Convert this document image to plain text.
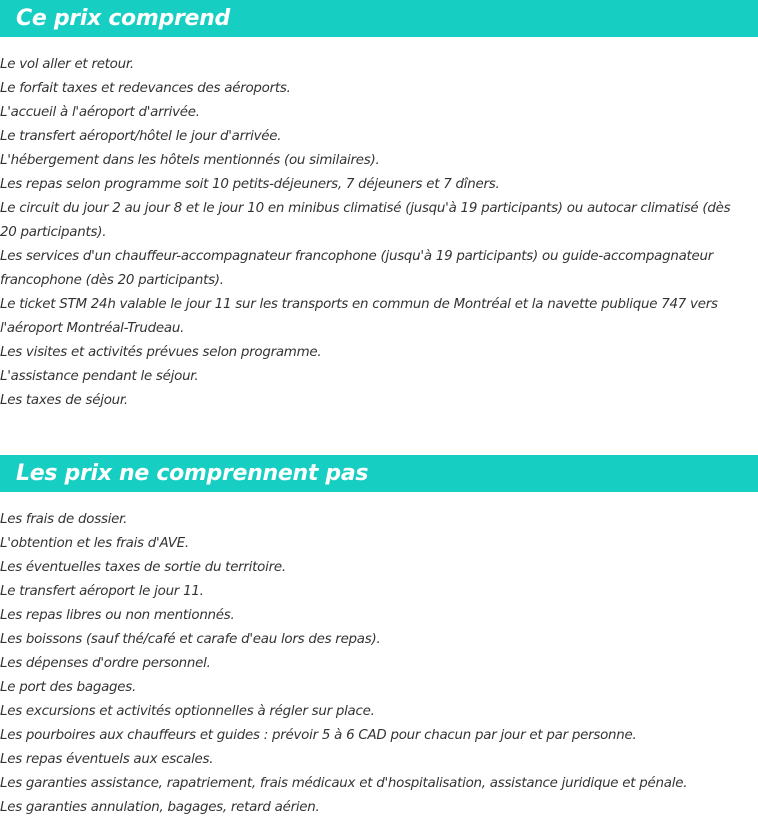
Ce prix comprend
Le vol aller et retour.
Le forfait taxes et redevances des aéroports.
L'accueil à l'aéroport d'arrivée.
Le transfert aéroport/hôtel le jour d'arrivée.
L'hébergement dans les hôtels mentionnés (ou similaires).
Les repas selon programme soit 10 petits-déjeuners, 7 déjeuners et 7 dîners.
Le circuit du jour 2 au jour 8 et le jour 10 en minibus climatisé (jusqu'à 19 participants) ou autocar climatisé (dès 20 participants).
Les services d'un chauffeur-accompagnateur francophone (jusqu'à 19 participants) ou guide-accompagnateur francophone (dès 20 participants).
Le ticket STM 24h valable le jour 11 sur les transports en commun de Montréal et la navette publique 747 vers l'aéroport Montréal-Trudeau.
Les visites et activités prévues selon programme.
L'assistance pendant le séjour.
Les taxes de séjour.
Les prix ne comprennent pas
Les frais de dossier.
L'obtention et les frais d'AVE.
Les éventuelles taxes de sortie du territoire.
Le transfert aéroport le jour 11.
Les repas libres ou non mentionnés.
Les boissons (sauf thé/café et carafe d'eau lors des repas).
Les dépenses d'ordre personnel.
Le port des bagages.
Les excursions et activités optionnelles à régler sur place.
Les pourboires aux chauffeurs et guides : prévoir 5 à 6 CAD pour chacun par jour et par personne.
Les repas éventuels aux escales.
Les garanties assistance, rapatriement, frais médicaux et d'hospitalisation, assistance juridique et pénale.
Les garanties annulation, bagages, retard aérien.
